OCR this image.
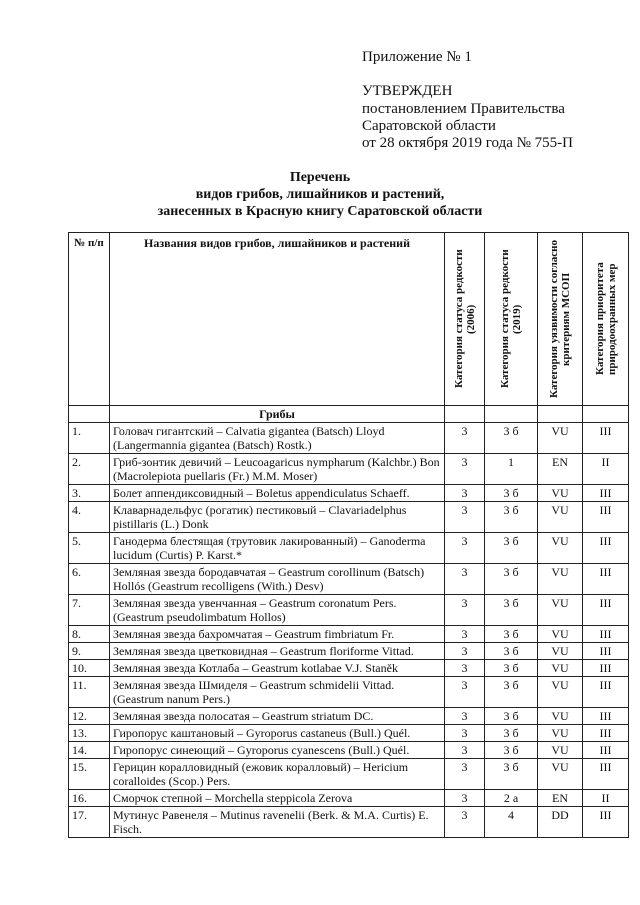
Приложение № 1
УТВЕРЖДЕН
постановлением Правительства
Саратовской области
от 28 октября 2019 года № 755-П
Перечень
видов грибов, лишайников и растений,
занесенных в Красную книгу Саратовской области
№ п/п	Названия видов грибов, лишайников и растений	Категория статуса редкости (2006)	Категория статуса редкости (2019)	Категория уязвимости согласно критериям МСОП	Категория приоритета природоохранных мер

	Грибы				
1.	Головач гигантский – Calvatia gigantea (Batsch) Lloyd (Langermannia gigantea (Batsch) Rostk.)	3	3 б	VU	III
2.	Гриб-зонтик девичий – Leucoagaricus nympharum (Kalchbr.) Bon (Macrolepiota puellaris (Fr.) M.M. Moser)	3	1	EN	II
3.	Болет аппендиксовидный – Boletus appendiculatus Schaeff.	3	3 б	VU	III
4.	Клаварнадельфус (рогатик) пестиковый – Clavariadelphus pistillaris (L.) Donk	3	3 б	VU	III
5.	Ганодерма блестящая (трутовик лакированный) – Ganoderma lucidum (Curtis) P. Karst.*	3	3 б	VU	III
6.	Земляная звезда бородавчатая – Geastrum corollinum (Batsch) Hollós (Geastrum recolligens (With.) Desv)	3	3 б	VU	III
7.	Земляная звезда увенчанная – Geastrum coronatum Pers. (Geastrum pseudolimbatum Hollos)	3	3 б	VU	III
8.	Земляная звезда бахромчатая – Geastrum fimbriatum Fr.	3	3 б	VU	III
9.	Земляная звезда цветковидная – Geastrum floriforme Vittad.	3	3 б	VU	III
10.	Земляная звезда Котлаба – Geastrum kotlabae V.J. Staněk	3	3 б	VU	III
11.	Земляная звезда Шмиделя – Geastrum schmidelii Vittad. (Geastrum nanum Pers.)	3	3 б	VU	III
12.	Земляная звезда полосатая – Geastrum striatum DC.	3	3 б	VU	III
13.	Гиропорус каштановый – Gyroporus castaneus (Bull.) Quél.	3	3 б	VU	III
14.	Гиропорус синеющий – Gyroporus cyanescens (Bull.) Quél.	3	3 б	VU	III
15.	Герицин коралловидный (ежовик коралловый) – Hericium coralloides (Scop.) Pers.	3	3 б	VU	III
16.	Сморчок степной – Morchella steppicola Zerova	3	2 а	EN	II
17.	Мутинус Равенеля – Mutinus ravenelii (Berk. & M.A. Curtis) E. Fisch.	3	4	DD	III
